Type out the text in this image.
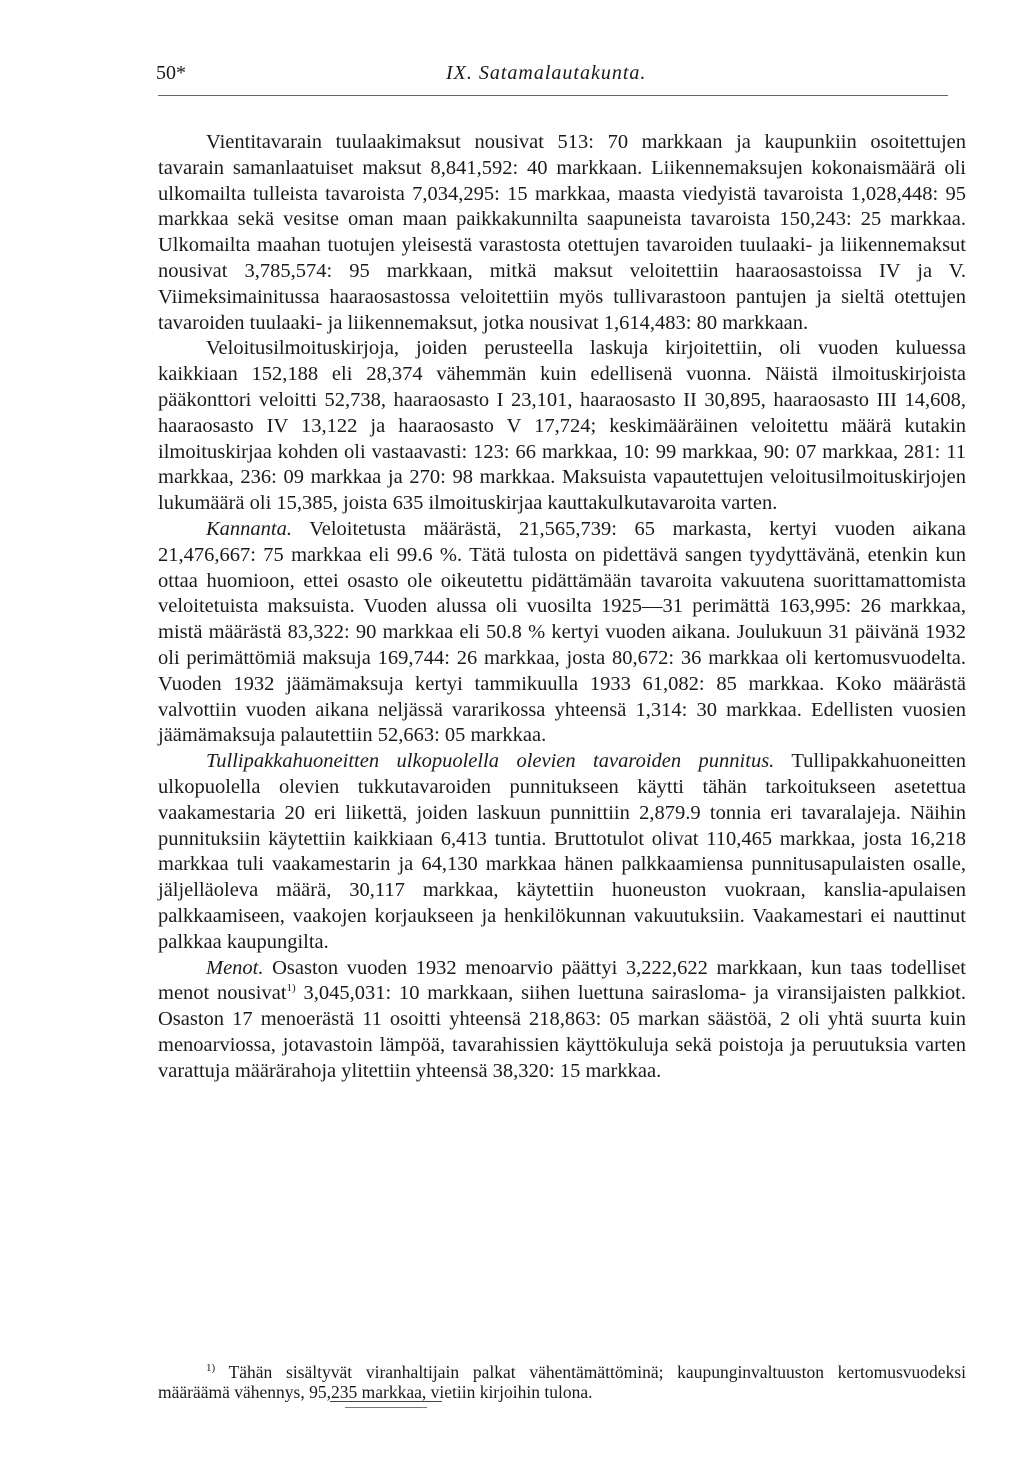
50*	IX. Satamalautakunta.

Vientitavarain tuulaakimaksut nousivat 513: 70 markkaan ja kaupunkiin osoitettujen tavarain samanlaatuiset maksut 8,841,592: 40 markkaan. Liikennemaksujen kokonaismäärä oli ulkomailta tulleista tavaroista 7,034,295: 15 markkaa, maasta viedyistä tavaroista 1,028,448: 95 markkaa sekä vesitse oman maan paikkakunnilta saapuneista tavaroista 150,243: 25 markkaa. Ulkomailta maahan tuotujen yleisestä varastosta otettujen tavaroiden tuulaaki- ja liikennemaksut nousivat 3,785,574: 95 markkaan, mitkä maksut veloitettiin haaraosastoissa IV ja V. Viimeksimainitussa haaraosastossa veloitettiin myös tullivarastoon pantujen ja sieltä otettujen tavaroiden tuulaaki- ja liikennemaksut, jotka nousivat 1,614,483: 80 markkaan.

Veloitusilmoituskirjoja, joiden perusteella laskuja kirjoitettiin, oli vuoden kuluessa kaikkiaan 152,188 eli 28,374 vähemmän kuin edellisenä vuonna. Näistä ilmoituskirjoista pääkonttori veloitti 52,738, haaraosasto I 23,101, haaraosasto II 30,895, haaraosasto III 14,608, haaraosasto IV 13,122 ja haaraosasto V 17,724; keskimääräinen veloitettu määrä kutakin ilmoituskirjaa kohden oli vastaavasti: 123: 66 markkaa, 10: 99 markkaa, 90: 07 markkaa, 281: 11 markkaa, 236: 09 markkaa ja 270: 98 markkaa. Maksuista vapautettujen veloitusilmoituskirjojen lukumäärä oli 15,385, joista 635 ilmoituskirjaa kauttakulkutavaroita varten.

Kannanta. Veloitetusta määrästä, 21,565,739: 65 markasta, kertyi vuoden aikana 21,476,667: 75 markkaa eli 99.6 %. Tätä tulosta on pidettävä sangen tyydyttävänä, etenkin kun ottaa huomioon, ettei osasto ole oikeutettu pidättämään tavaroita vakuutena suorittamattomista veloitetuista maksuista. Vuoden alussa oli vuosilta 1925—31 perimättä 163,995: 26 markkaa, mistä määrästä 83,322: 90 markkaa eli 50.8 % kertyi vuoden aikana. Joulukuun 31 päivänä 1932 oli perimättömiä maksuja 169,744: 26 markkaa, josta 80,672: 36 markkaa oli kertomusvuodelta. Vuoden 1932 jäämämaksuja kertyi tammikuulla 1933 61,082: 85 markkaa. Koko määrästä valvottiin vuoden aikana neljässä vararikossa yhteensä 1,314: 30 markkaa. Edellisten vuosien jäämämaksuja palautettiin 52,663: 05 markkaa.

Tullipakkahuoneitten ulkopuolella olevien tavaroiden punnitus. Tullipakkahuoneitten ulkopuolella olevien tukkutavaroiden punnitukseen käytti tähän tarkoitukseen asetettua vaakamestaria 20 eri liikettä, joiden laskuun punnittiin 2,879.9 tonnia eri tavaralajeja. Näihin punnituksiin käytettiin kaikkiaan 6,413 tuntia. Bruttotulot olivat 110,465 markkaa, josta 16,218 markkaa tuli vaakamestarin ja 64,130 markkaa hänen palkkaamiensa punnitusapulaisten osalle, jäljelläoleva määrä, 30,117 markkaa, käytettiin huoneuston vuokraan, kanslia-apulaisen palkkaamiseen, vaakojen korjaukseen ja henkilökunnan vakuutuksiin. Vaakamestari ei nauttinut palkkaa kaupungilta.

Menot. Osaston vuoden 1932 menoarvio päättyi 3,222,622 markkaan, kun taas todelliset menot nousivat$^{1)}$ 3,045,031: 10 markkaan, siihen luettuna sairasloma- ja viransijaisten palkkiot. Osaston 17 menoerästä 11 osoitti yhteensä 218,863: 05 markan säästöä, 2 oli yhtä suurta kuin menoarviossa, jotavastoin lämpöä, tavarahissien käyttökuluja sekä poistoja ja peruutuksia varten varattuja määrärahoja ylitettiin yhteensä 38,320: 15 markkaa.

$^{1)}$ Tähän sisältyvät viranhaltijain palkat vähentämättöminä; kaupunginvaltuuston kertomusvuodeksi määräämä vähennys, 95,235 markkaa, vietiin kirjoihin tulona.
